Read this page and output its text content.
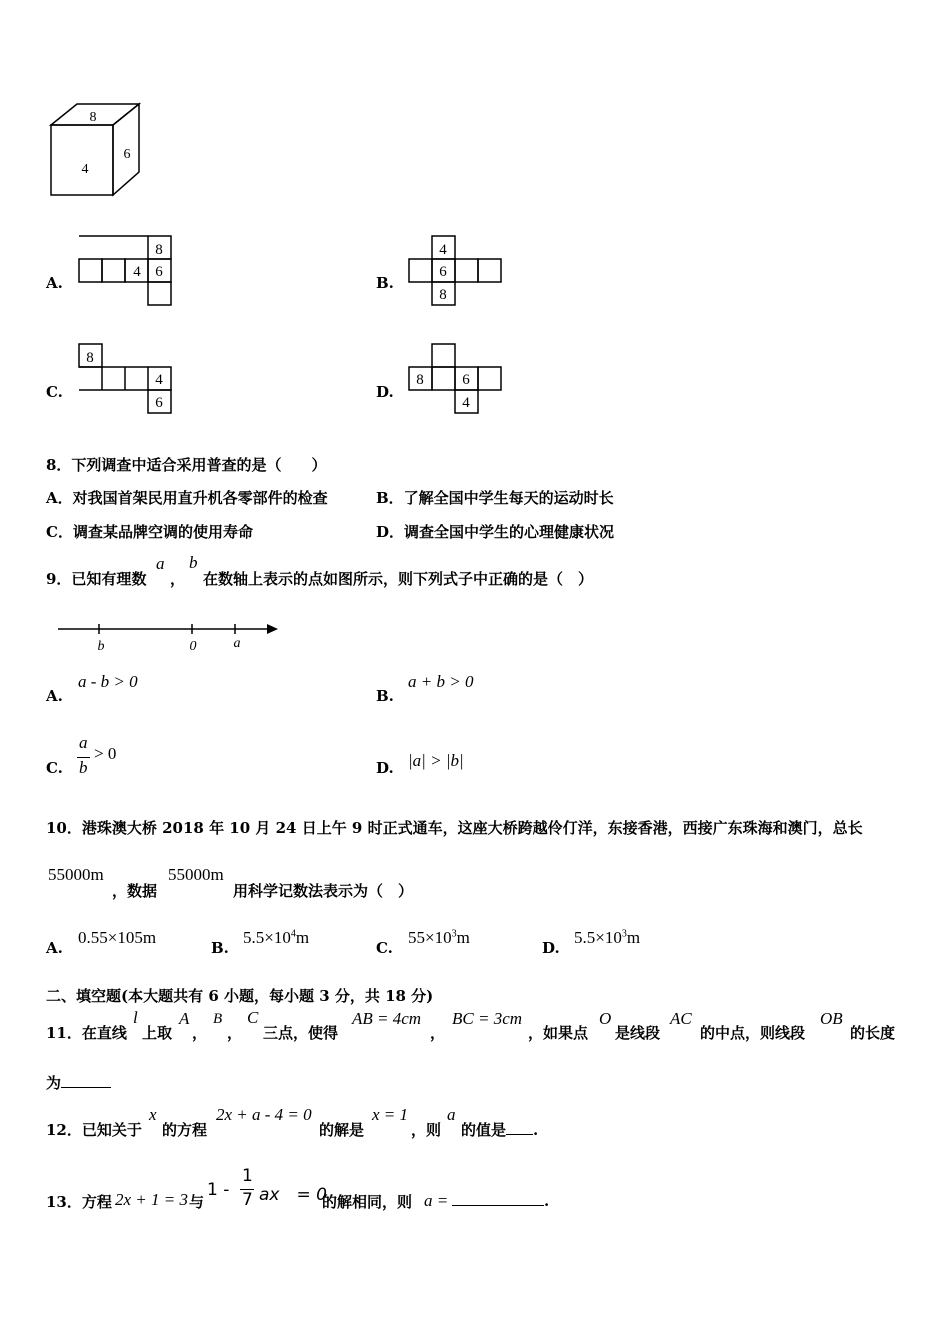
8
4
6
A.
8
4 6
B.
4
6
8
C.
8
4
6
D.
8	6
4
8．下列调查中适合采用普查的是（　　）
A．对我国首架民用直升机各零部件的检查	B．了解全国中学生每天的运动时长
C．调查某品牌空调的使用寿命	D．调查全国中学生的心理健康状况
9．已知有理数
a
，
b
在数轴上表示的点如图所示，则下列式子中正确的是（　）
b	0	a
A.
a - b > 0
B.
a + b > 0
C.
a
b
> 0
D. |a| > |b|
10．港珠澳大桥 2018 年 10 月 24 日上午 9 时正式通车，这座大桥跨越伶仃洋，东接香港，西接广东珠海和澳门，总长
55000m
，数据
55000m
用科学记数法表示为（　）
A.
0.55×105m
B.
$5.5\times 10^4m$
C.
$55\times 10^3m$
D.
$5.5\times 10^3m$
二、填空题(本大题共有 6 小题，每小题 3 分，共 18 分)
11．在直线
l
上取
A
，
B
，
C
三点，使得
AB = 4cm
，
BC = 3cm
，如果点
O
是线段
AC
的中点，则线段
OB
的长度
为
12．已知关于
x
的方程
2x + a - 4 = 0
的解是
x = 1
，则
a
的值是 .
13．方程 2x + 1 = 3 与
1 -
1
7 ax　= 0
的解相同，则 a =	.
